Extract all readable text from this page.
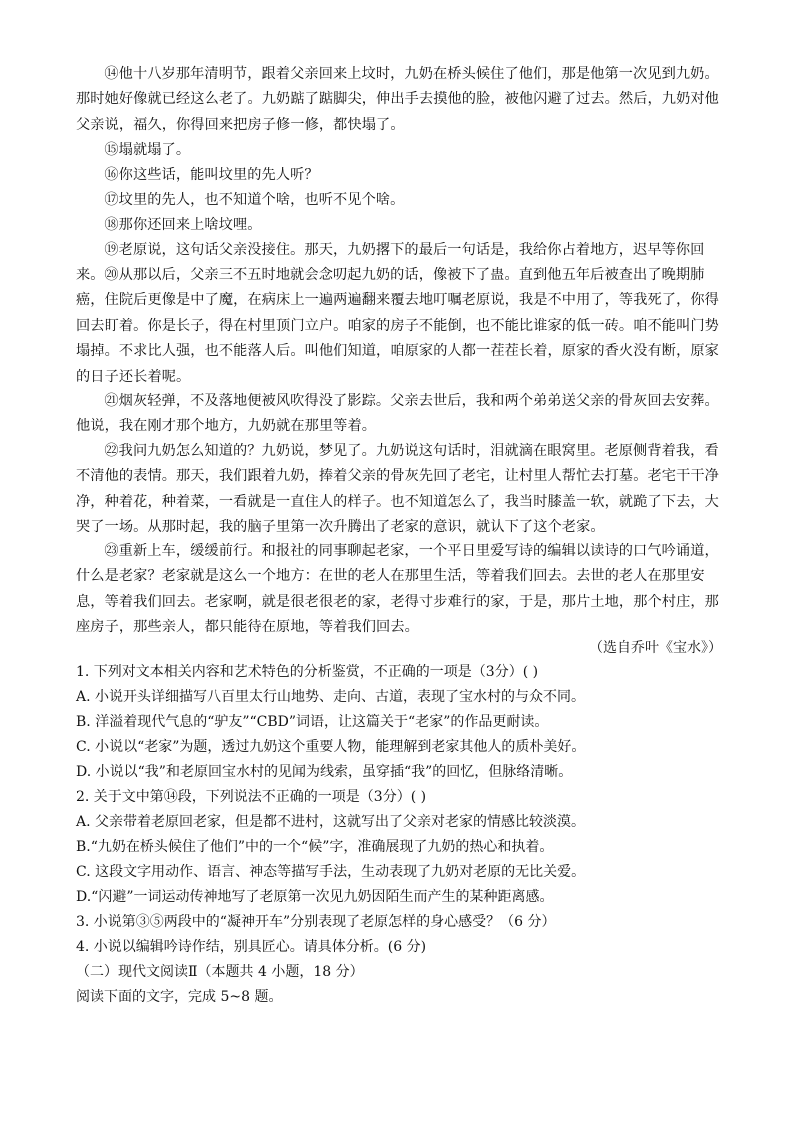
⑭他十八岁那年清明节，跟着父亲回来上坟时，九奶在桥头候住了他们，那是他第一次见到九奶。那时她好像就已经这么老了。九奶踮了踮脚尖，伸出手去摸他的脸，被他闪避了过去。然后，九奶对他父亲说，福久，你得回来把房子修一修，都快塌了。

⑮塌就塌了。

⑯你这些话，能叫坟里的先人听？

⑰坟里的先人，也不知道个啥，也听不见个啥。

⑱那你还回来上啥坟哩。

⑲老原说，这句话父亲没接住。那天，九奶撂下的最后一句话是，我给你占着地方，迟早等你回来。 ⑳从那以后，父亲三不五时地就会念叨起九奶的话，像被下了蛊。直到他五年后被查出了晚期肺癌，住院后更像是中了魔，在病床上一遍两遍翻来覆去地叮嘱老原说，我是不中用了，等我死了，你得回去盯着。你是长子，得在村里顶门立户。咱家的房子不能倒，也不能比谁家的低一砖。咱不能叫门势塌掉。不求比人强，也不能落人后。叫他们知道，咱原家的人都一茬茬长着，原家的香火没有断，原家的日子还长着呢。

㉑烟灰轻弹，不及落地便被风吹得没了影踪。父亲去世后，我和两个弟弟送父亲的骨灰回去安葬。他说，我在刚才那个地方，九奶就在那里等着。

㉒我问九奶怎么知道的？九奶说，梦见了。九奶说这句话时，泪就滴在眼窝里。老原侧背着我，看不清他的表情。那天，我们跟着九奶，捧着父亲的骨灰先回了老宅，让村里人帮忙去打墓。老宅干干净净，种着花，种着菜，一看就是一直住人的样子。也不知道怎么了，我当时膝盖一软，就跪了下去，大哭了一场。从那时起，我的脑子里第一次升腾出了老家的意识，就认下了这个老家。

㉓重新上车，缓缓前行。和报社的同事聊起老家，一个平日里爱写诗的编辑以读诗的口气吟诵道，什么是老家？老家就是这么一个地方：在世的老人在那里生活，等着我们回去。去世的老人在那里安息，等着我们回去。老家啊，就是很老很老的家，老得寸步难行的家，于是，那片土地，那个村庄，那座房子，那些亲人，都只能待在原地，等着我们回去。

（选自乔叶《宝水》）

1. 下列对文本相关内容和艺术特色的分析鉴赏，不正确的一项是（3分）( )

A. 小说开头详细描写八百里太行山地势、走向、古道，表现了宝水村的与众不同。

B. 洋溢着现代气息的“驴友”“CBD”词语，让这篇关于“老家”的作品更耐读。

C. 小说以“老家”为题，透过九奶这个重要人物，能理解到老家其他人的质朴美好。

D. 小说以“我”和老原回宝水村的见闻为线索，虽穿插“我”的回忆，但脉络清晰。

2. 关于文中第⑭段，下列说法不正确的一项是（3分）( )

A. 父亲带着老原回老家，但是都不进村，这就写出了父亲对老家的情感比较淡漠。

B.“九奶在桥头候住了他们”中的一个“候”字，准确展现了九奶的热心和执着。

C. 这段文字用动作、语言、神态等描写手法，生动表现了九奶对老原的无比关爱。

D.“闪避”一词运动传神地写了老原第一次见九奶因陌生而产生的某种距离感。

3. 小说第③⑤两段中的“凝神开车”分别表现了老原怎样的身心感受？（6 分）

4. 小说以编辑吟诗作结，别具匠心。请具体分析。(6 分)

（二）现代文阅读Ⅱ（本题共 4 小题，18 分）

阅读下面的文字，完成 5~8 题。
